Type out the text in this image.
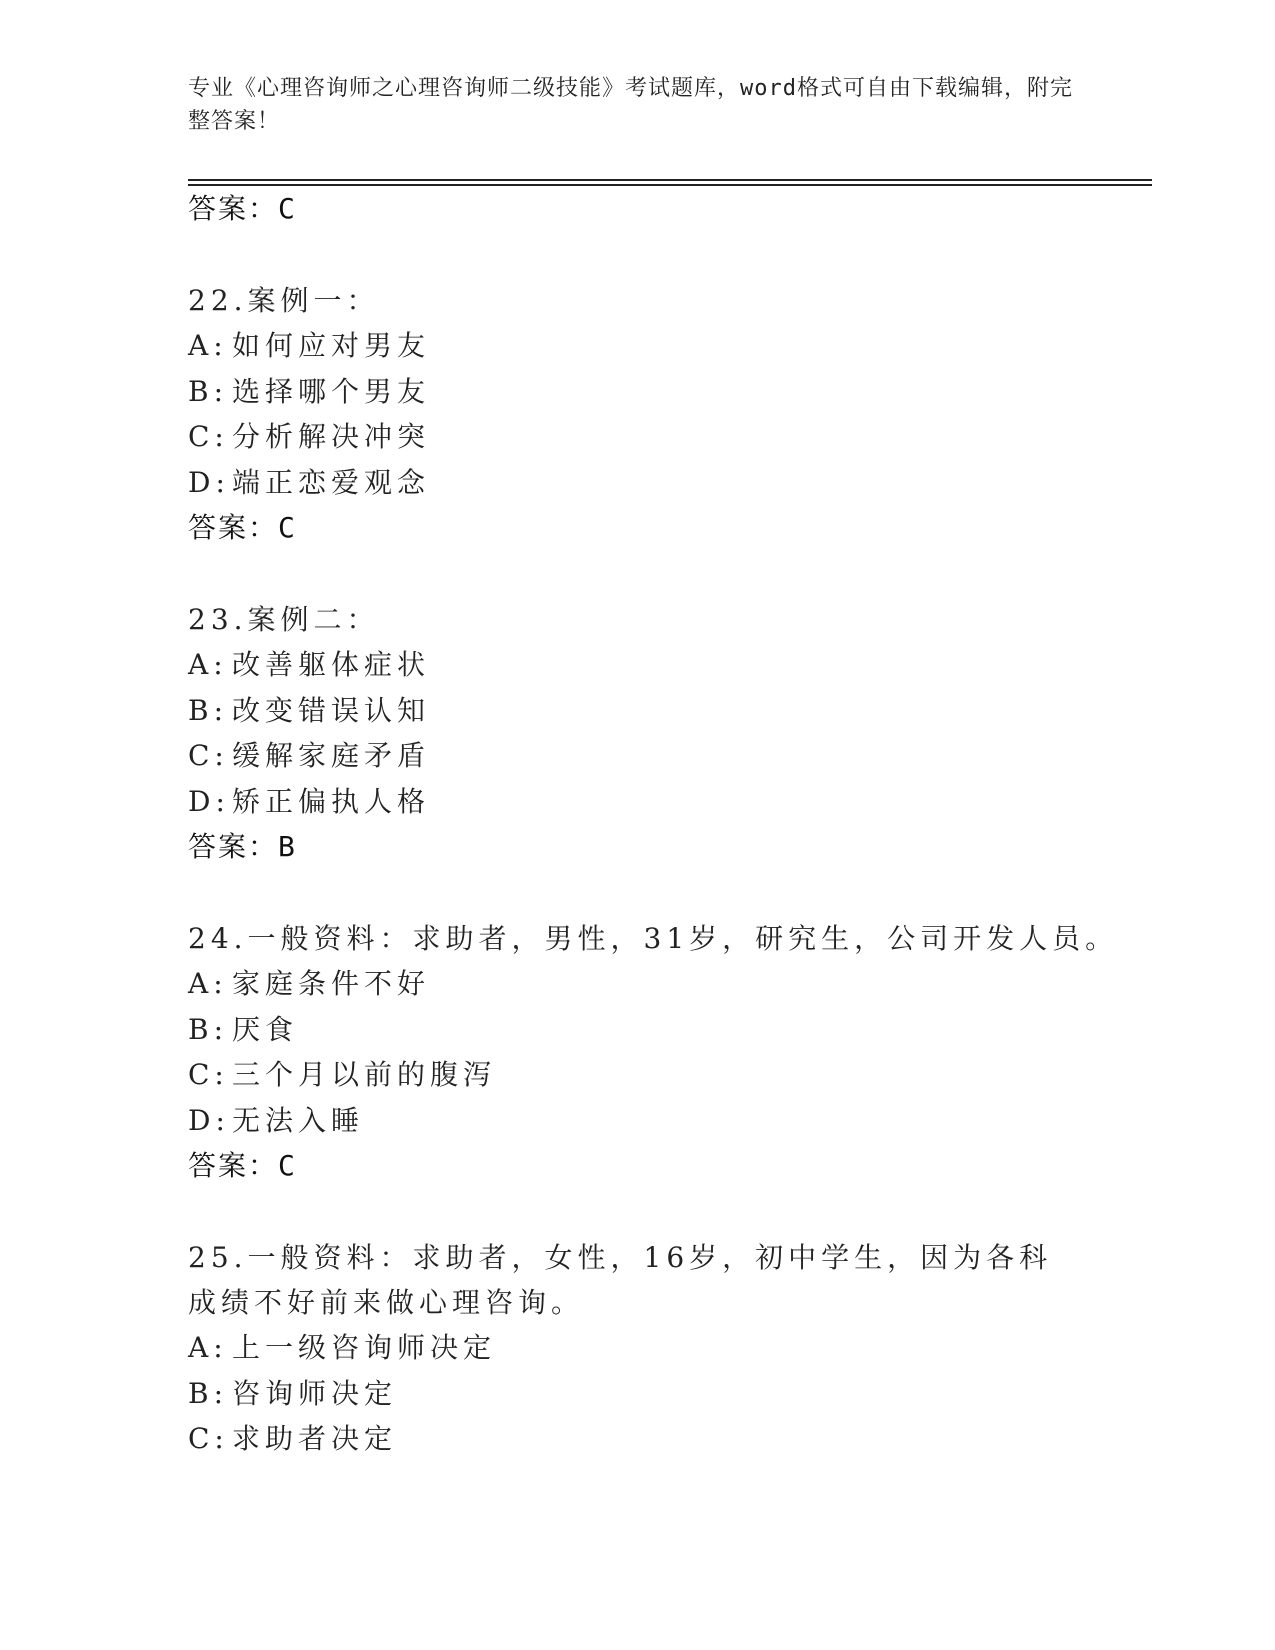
专业《心理咨询师之心理咨询师二级技能》考试题库，word格式可自由下载编辑，附完整答案！
答案：C
22.案例一：
A: 如何应对男友
B: 选择哪个男友
C: 分析解决冲突
D:端正恋爱观念
答案：C
23.案例二：
A: 改善躯体症状
B: 改变错误认知
C: 缓解家庭矛盾
D:矫正偏执人格
答案：B
24.一般资料：求助者，男性，31岁，研究生，公司开发人员。
A: 家庭条件不好
B: 厌食
C: 三个月以前的腹泻
D:无法入睡
答案：C
25.一般资料：求助者，女性，16岁，初中学生，因为各科成绩不好前来做心理咨询。
A: 上一级咨询师决定
B: 咨询师决定
C: 求助者决定
